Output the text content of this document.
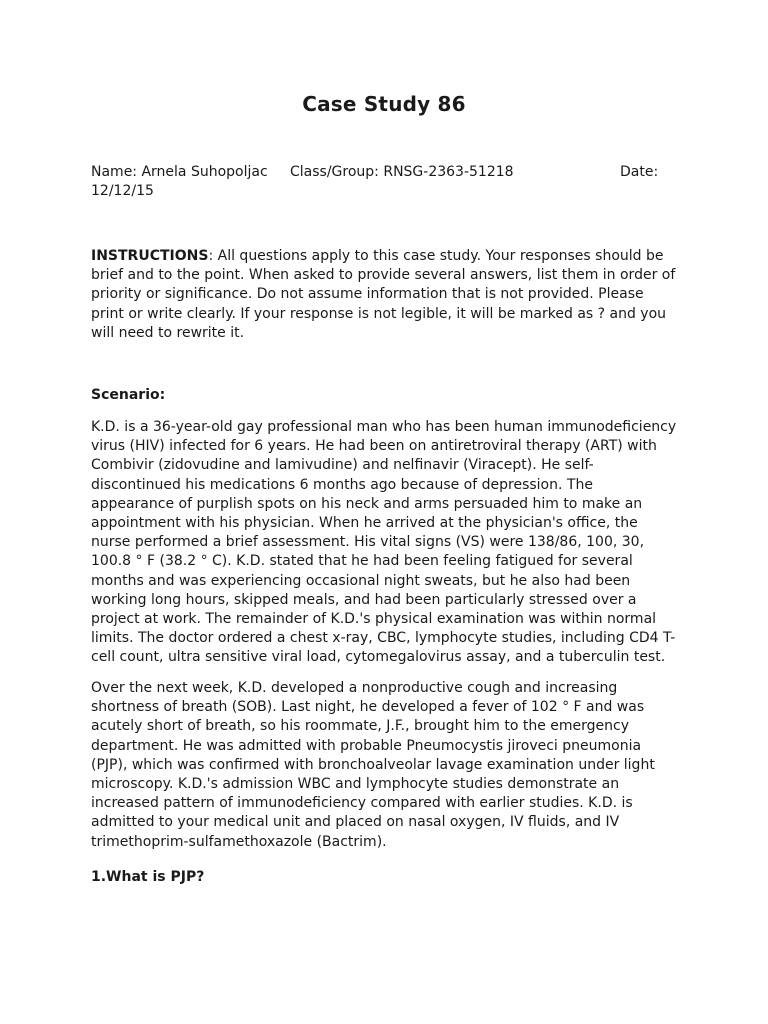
Case Study 86
Name: Arnela Suhopoljac Class/Group: RNSG-2363-51218	Date:
12/12/15

INSTRUCTIONS: All questions apply to this case study. Your responses should be brief and to the point. When asked to provide several answers, list them in order of priority or significance. Do not assume information that is not provided. Please print or write clearly. If your response is not legible, it will be marked as ? and you will need to rewrite it.

Scenario:

K.D. is a 36-year-old gay professional man who has been human immunodeficiency virus (HIV) infected for 6 years. He had been on antiretroviral therapy (ART) with Combivir (zidovudine and lamivudine) and nelfinavir (Viracept). He self-discontinued his medications 6 months ago because of depression. The appearance of purplish spots on his neck and arms persuaded him to make an appointment with his physician. When he arrived at the physician's office, the nurse performed a brief assessment. His vital signs (VS) were 138/86, 100, 30, 100.8 ° F (38.2 ° C). K.D. stated that he had been feeling fatigued for several months and was experiencing occasional night sweats, but he also had been working long hours, skipped meals, and had been particularly stressed over a project at work. The remainder of K.D.'s physical examination was within normal limits. The doctor ordered a chest x-ray, CBC, lymphocyte studies, including CD4 T-cell count, ultra sensitive viral load, cytomegalovirus assay, and a tuberculin test.

Over the next week, K.D. developed a nonproductive cough and increasing shortness of breath (SOB). Last night, he developed a fever of 102 ° F and was acutely short of breath, so his roommate, J.F., brought him to the emergency department. He was admitted with probable Pneumocystis jiroveci pneumonia (PJP), which was confirmed with bronchoalveolar lavage examination under light microscopy. K.D.'s admission WBC and lymphocyte studies demonstrate an increased pattern of immunodeficiency compared with earlier studies. K.D. is admitted to your medical unit and placed on nasal oxygen, IV fluids, and IV trimethoprim-sulfamethoxazole (Bactrim).

1.What is PJP?
